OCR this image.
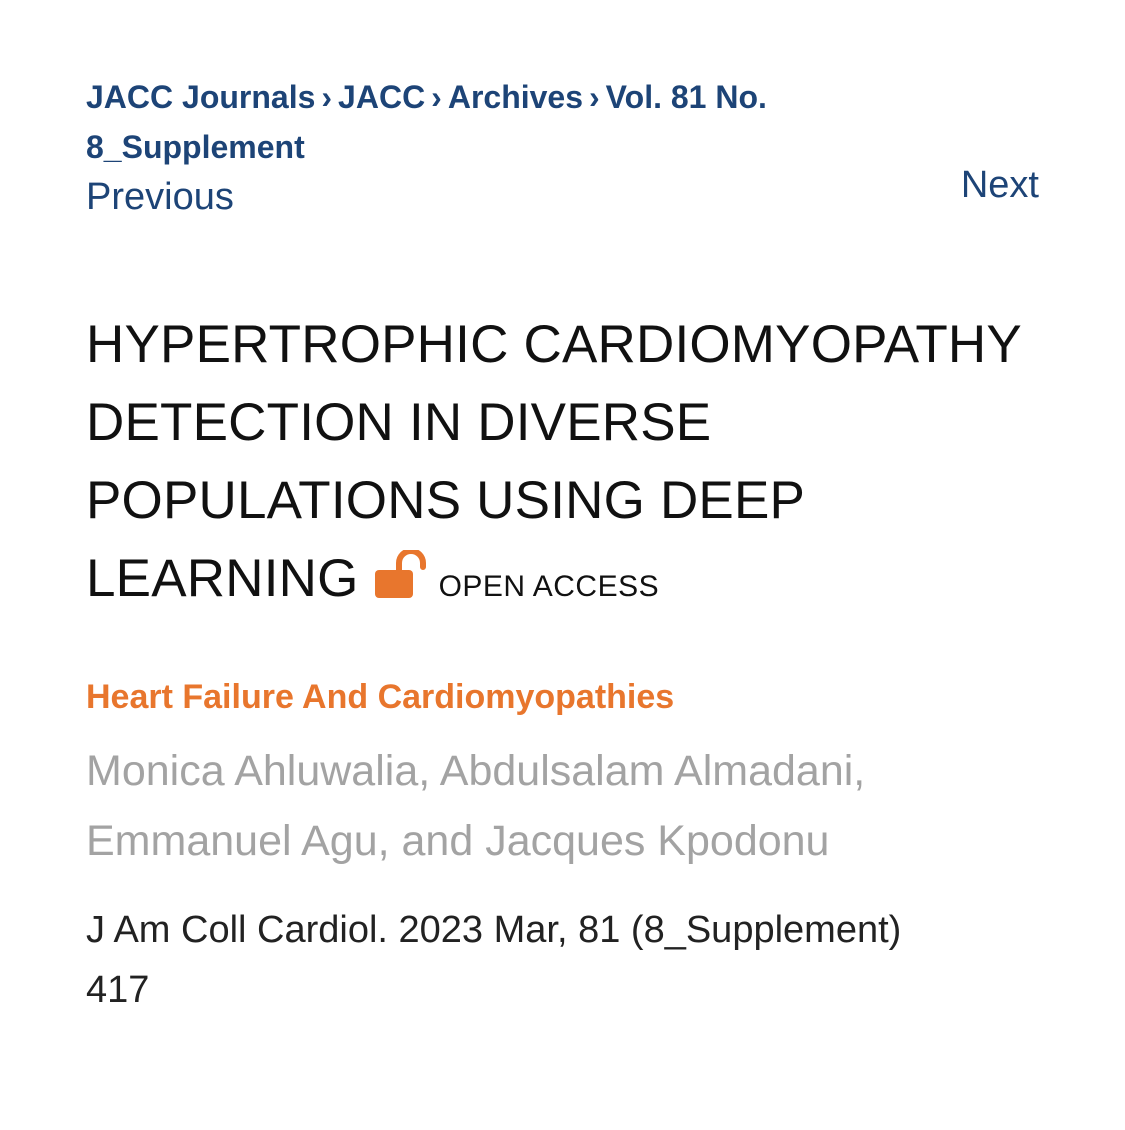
JACC Journals › JACC › Archives › Vol. 81 No. 8_Supplement
Previous	Next
HYPERTROPHIC CARDIOMYOPATHY DETECTION IN DIVERSE POPULATIONS USING DEEP LEARNING	OPEN ACCESS
Heart Failure And Cardiomyopathies
Monica Ahluwalia, Abdulsalam Almadani, Emmanuel Agu, and Jacques Kpodonu
J Am Coll Cardiol. 2023 Mar, 81 (8_Supplement)
417
